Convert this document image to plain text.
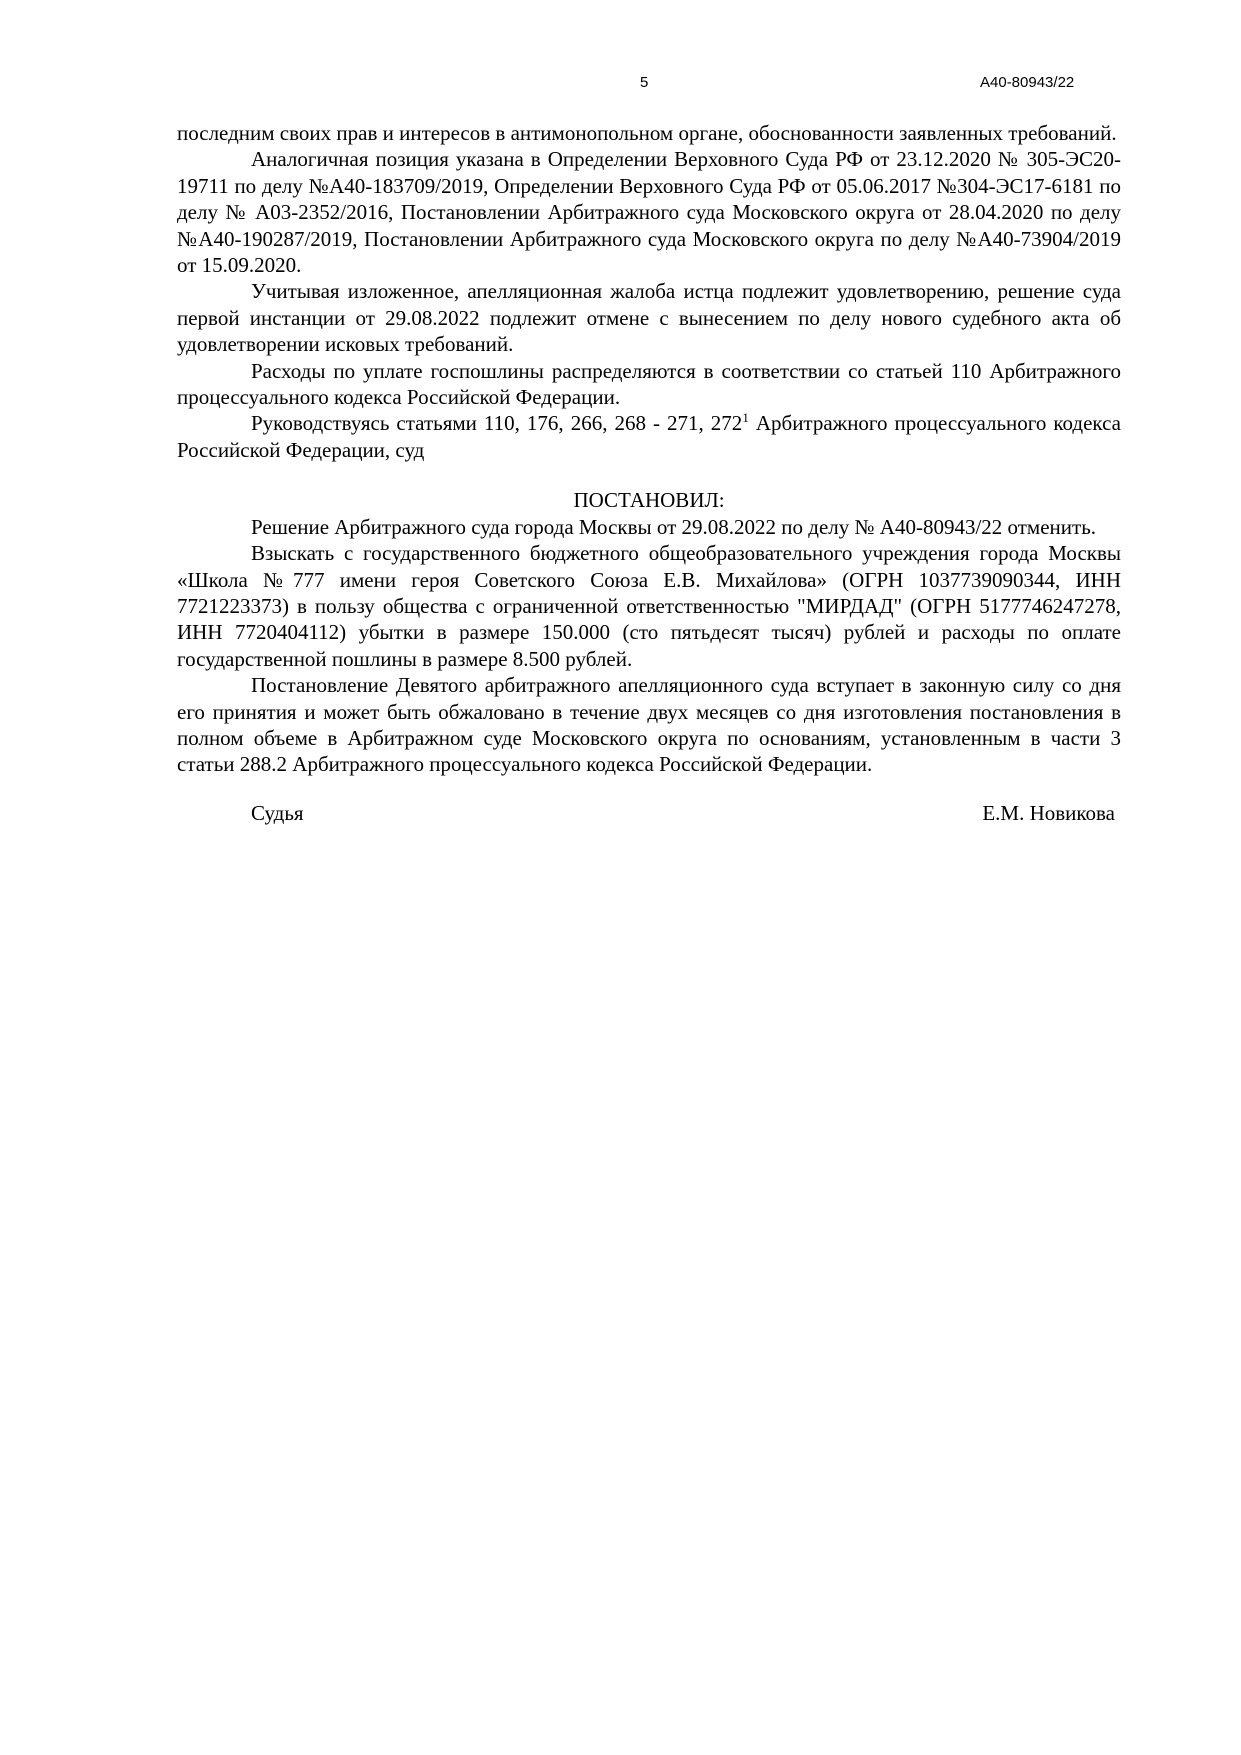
5	А40-80943/22

последним своих прав и интересов в антимонопольном органе, обоснованности заявленных требований.

Аналогичная позиция указана в Определении Верховного Суда РФ от 23.12.2020 № 305-ЭС20-19711 по делу №А40-183709/2019, Определении Верховного Суда РФ от 05.06.2017 №304-ЭС17-6181 по делу № А03-2352/2016, Постановлении Арбитражного суда Московского округа от 28.04.2020 по делу №А40-190287/2019, Постановлении Арбитражного суда Московского округа по делу №А40-73904/2019 от 15.09.2020.

Учитывая изложенное, апелляционная жалоба истца подлежит удовлетворению, решение суда первой инстанции от 29.08.2022 подлежит отмене с вынесением по делу нового судебного акта об удовлетворении исковых требований.

Расходы по уплате госпошлины распределяются в соответствии со статьей 110 Арбитражного процессуального кодекса Российской Федерации.

Руководствуясь статьями 110, 176, 266, 268 - 271, $272^1$ Арбитражного процессуального кодекса Российской Федерации, суд

ПОСТАНОВИЛ:

Решение Арбитражного суда города Москвы от 29.08.2022 по делу № А40-80943/22 отменить.

Взыскать с государственного бюджетного общеобразовательного учреждения города Москвы «Школа №777 имени героя Советского Союза Е.В. Михайлова» (ОГРН 1037739090344, ИНН 7721223373) в пользу общества с ограниченной ответственностью "МИРДАД" (ОГРН 5177746247278, ИНН 7720404112) убытки в размере 150.000 (сто пятьдесят тысяч) рублей и расходы по оплате государственной пошлины в размере 8.500 рублей.

Постановление Девятого арбитражного апелляционного суда вступает в законную силу со дня его принятия и может быть обжаловано в течение двух месяцев со дня изготовления постановления в полном объеме в Арбитражном суде Московского округа по основаниям, установленным в части 3 статьи 288.2 Арбитражного процессуального кодекса Российской Федерации.

Судья	Е.М. Новикова
